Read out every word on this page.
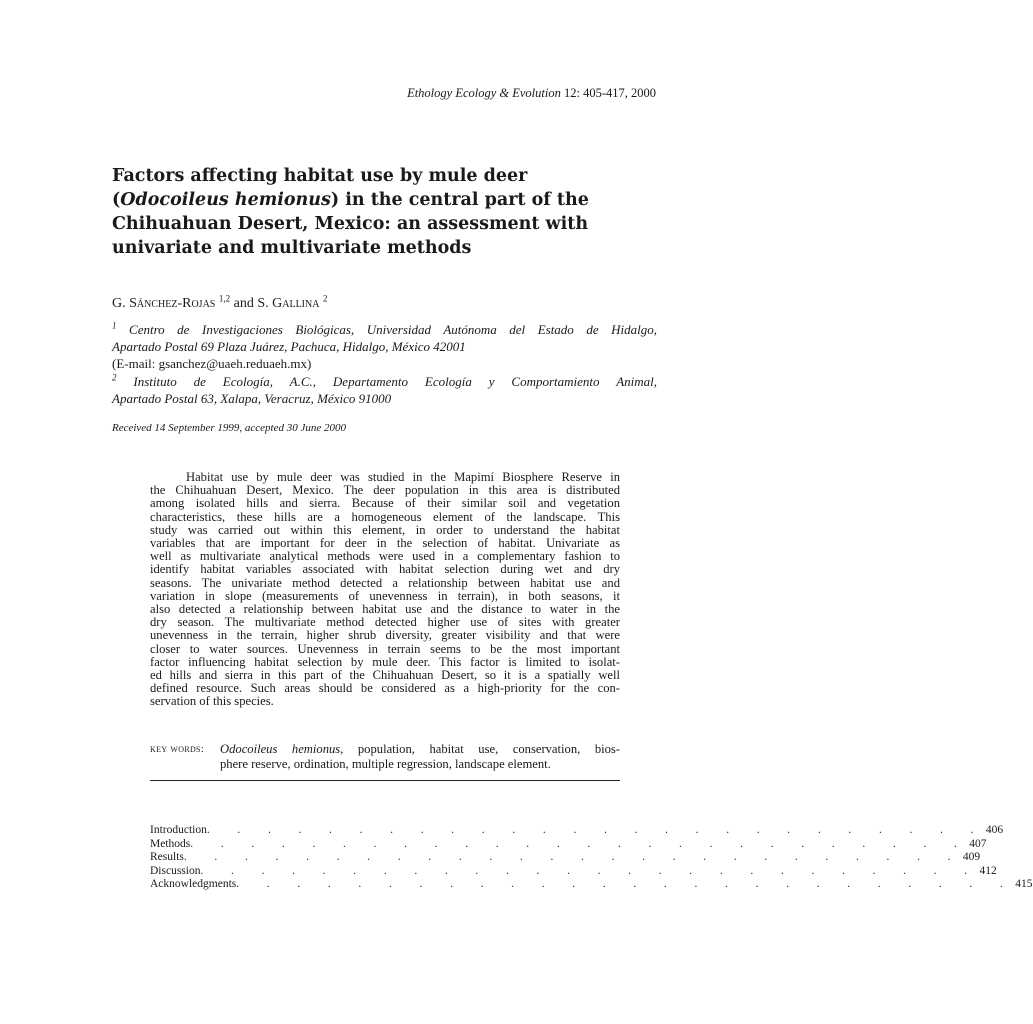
Ethology Ecology & Evolution 12: 405-417, 2000
Factors affecting habitat use by mule deer
(Odocoileus hemionus) in the central part of the
Chihuahuan Desert, Mexico: an assessment with
univariate and multivariate methods
G. Sánchez-Rojas $^{1,2}$ and S. Gallina $^2$
$^1$ Centro de Investigaciones Biológicas, Universidad Autónoma del Estado de Hidalgo,
Apartado Postal 69 Plaza Juárez, Pachuca, Hidalgo, México 42001
(E-mail: gsanchez@uaeh.reduaeh.mx)
$^2$ Instituto de Ecología, A.C., Departamento Ecología y Comportamiento Animal,
Apartado Postal 63, Xalapa, Veracruz, México 91000
Received 14 September 1999, accepted 30 June 2000
Habitat use by mule deer was studied in the Mapimí Biosphere Reserve in
the Chihuahuan Desert, Mexico. The deer population in this area is distributed
among isolated hills and sierra. Because of their similar soil and vegetation
characteristics, these hills are a homogeneous element of the landscape. This
study was carried out within this element, in order to understand the habitat
variables that are important for deer in the selection of habitat. Univariate as
well as multivariate analytical methods were used in a complementary fashion to
identify habitat variables associated with habitat selection during wet and dry
seasons. The univariate method detected a relationship between habitat use and
variation in slope (measurements of unevenness in terrain), in both seasons, it
also detected a relationship between habitat use and the distance to water in the
dry season. The multivariate method detected higher use of sites with greater
unevenness in the terrain, higher shrub diversity, greater visibility and that were
closer to water sources. Unevenness in terrain seems to be the most important
factor influencing habitat selection by mule deer. This factor is limited to isolat-
ed hills and sierra in this part of the Chihuahuan Desert, so it is a spatially well
defined resource. Such areas should be considered as a high-priority for the con-
servation of this species.
key words: Odocoileus hemionus, population, habitat use, conservation, bios-
phere reserve, ordination, multiple regression, landscape element.
Introduction . . . . . . . . . . . . . . . . . . . . . . . . . . 406
Methods . . . . . . . . . . . . . . . . . . . . . . . . . . 407
Results . . . . . . . . . . . . . . . . . . . . . . . . . . 409
Discussion . . . . . . . . . . . . . . . . . . . . . . . . . . 412
Acknowledgments . . . . . . . . . . . . . . . . . . . . . . . . . . 415
